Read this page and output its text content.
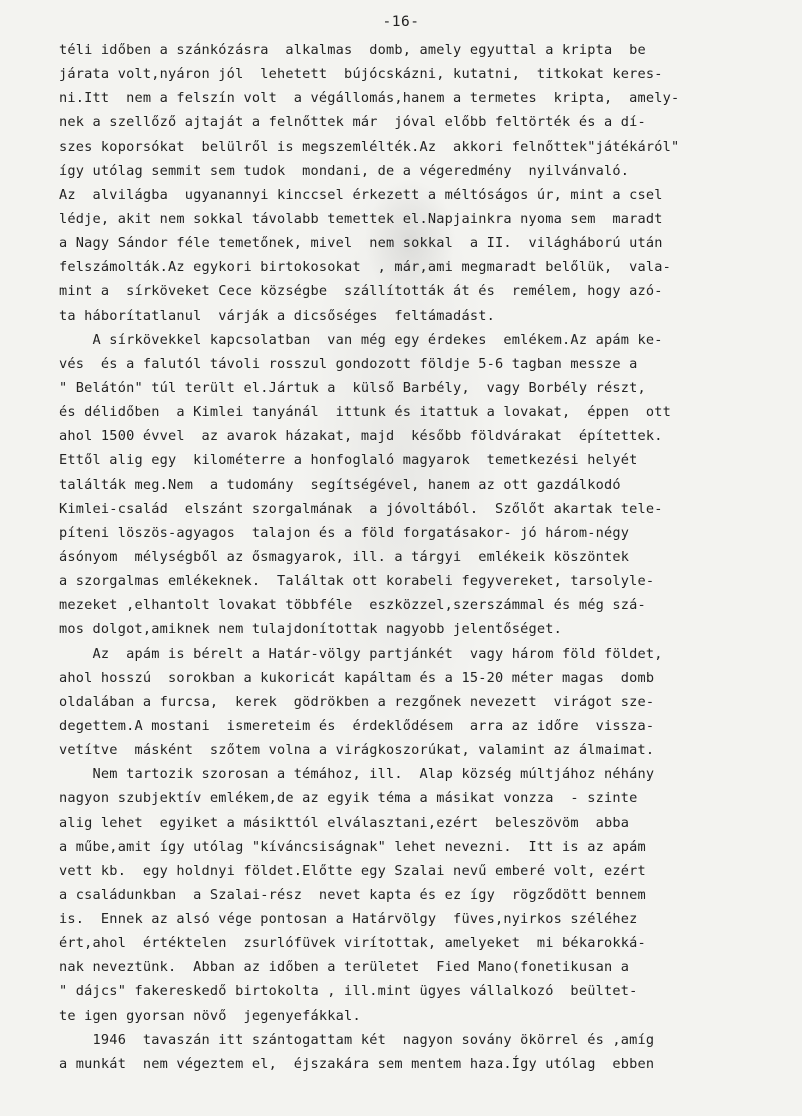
-16-
téli időben a szánkózásra  alkalmas  domb, amely egyuttal a kripta  be
járata volt,nyáron jól  lehetett  bújócskázni, kutatni,  titkokat keres-
ni.Itt  nem a felszín volt  a végállomás,hanem a termetes  kripta,  amely-
nek a szellőző ajtaját a felnőttek már  jóval előbb feltörték és a dí-
szes koporsókat  belülről is megszemlélték.Az  akkori felnőttek"játékáról"
így utólag semmit sem tudok  mondani, de a végeredmény  nyilvánvaló.
Az  alvilágba  ugyanannyi kinccsel érkezett a méltóságos úr, mint a csel
lédje, akit nem sokkal távolabb temettek el.Napjainkra nyoma sem  maradt
a Nagy Sándor féle temetőnek, mivel  nem sokkal  a II.  világháború után
felszámolták.Az egykori birtokosokat  , már,ami megmaradt belőlük,  vala-
mint a  sírköveket Cece községbe  szállították át és  remélem, hogy azó-
ta háborítatlanul  várják a dicsőséges  feltámadást.
A sírkövekkel kapcsolatban  van még egy érdekes  emlékem.Az apám ke-
vés  és a falutól távoli rosszul gondozott földje 5-6 tagban messze a
" Belátón" túl terült el.Jártuk a  külső Barbély,  vagy Borbély részt,
és délidőben  a Kimlei tanyánál  ittunk és itattuk a lovakat,  éppen  ott
ahol 1500 évvel  az avarok házakat, majd  később földvárakat  építettek.
Ettől alig egy  kilométerre a honfoglaló magyarok  temetkezési helyét
találták meg.Nem  a tudomány  segítségével, hanem az ott gazdálkodó
Kimlei-család  elszánt szorgalmának  a jóvoltából.  Szőlőt akartak tele-
píteni löszös-agyagos  talajon és a föld forgatásakor- jó három-négy
ásónyom  mélységből az ősmagyarok, ill. a tárgyi  emlékeik köszöntek
a szorgalmas emlékeknek.  Találtak ott korabeli fegyvereket, tarsolyle-
mezeket ,elhantolt lovakat többféle  eszközzel,szerszámmal és még szá-
mos dolgot,amiknek nem tulajdonítottak nagyobb jelentőséget.
Az  apám is bérelt a Határ-völgy partjánkét  vagy három föld földet,
ahol hosszú  sorokban a kukoricát kapáltam és a 15-20 méter magas  domb
oldalában a furcsa,  kerek  gödrökben a rezgőnek nevezett  virágot sze-
degettem.A mostani  ismereteim és  érdeklődésem  arra az időre  vissza-
vetítve  másként  szőtem volna a virágkoszorúkat, valamint az álmaimat.
Nem tartozik szorosan a témához, ill.  Alap község múltjához néhány
nagyon szubjektív emlékem,de az egyik téma a másikat vonzza  - szinte
alig lehet  egyiket a másikttól elválasztani,ezért  beleszövöm  abba
a műbe,amit így utólag "kíváncsiságnak" lehet nevezni.  Itt is az apám
vett kb.  egy holdnyi földet.Előtte egy Szalai nevű emberé volt, ezért
a családunkban  a Szalai-rész  nevet kapta és ez így  rögződött bennem
is.  Ennek az alsó vége pontosan a Határvölgy  füves,nyirkos széléhez
ért,ahol  értéktelen  zsurlófüvek virítottak, amelyeket  mi békarokká-
nak neveztünk.  Abban az időben a területet  Fied Mano(fonetikusan a
" dájcs" fakereskedő birtokolta , ill.mint ügyes vállalkozó  beültet-
te igen gyorsan növő  jegenyefákkal.
1946  tavaszán itt szántogattam két  nagyon sovány ökörrel és ,amíg
a munkát  nem végeztem el,  éjszakára sem mentem haza.Így utólag  ebben
